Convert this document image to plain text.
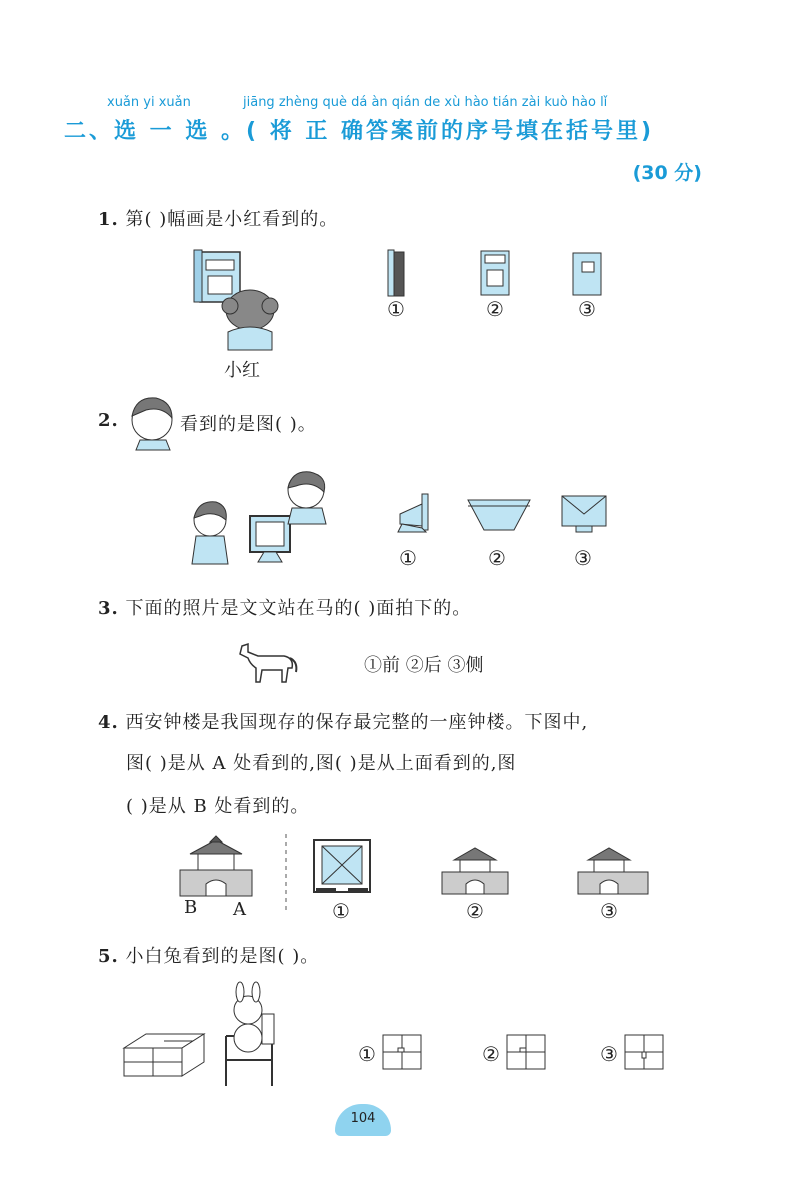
xuǎn yi xuǎn	jiāng zhèng què dá àn qián de xù hào tián zài kuò hào lǐ
二、选 一 选 。( 将 正 确答案前的序号填在括号里)
(30 分)
1. 第( )幅画是小红看到的。
小红
①	②	③
2.	看到的是图( )。
①	②	③
3. 下面的照片是文文站在马的( )面拍下的。
①前 ②后 ③侧
4. 西安钟楼是我国现存的保存最完整的一座钟楼。下图中,
图( )是从 A 处看到的,图( )是从上面看到的,图
( )是从 B 处看到的。
B A	①	②	③
5. 小白兔看到的是图( )。
①	②	③
104
